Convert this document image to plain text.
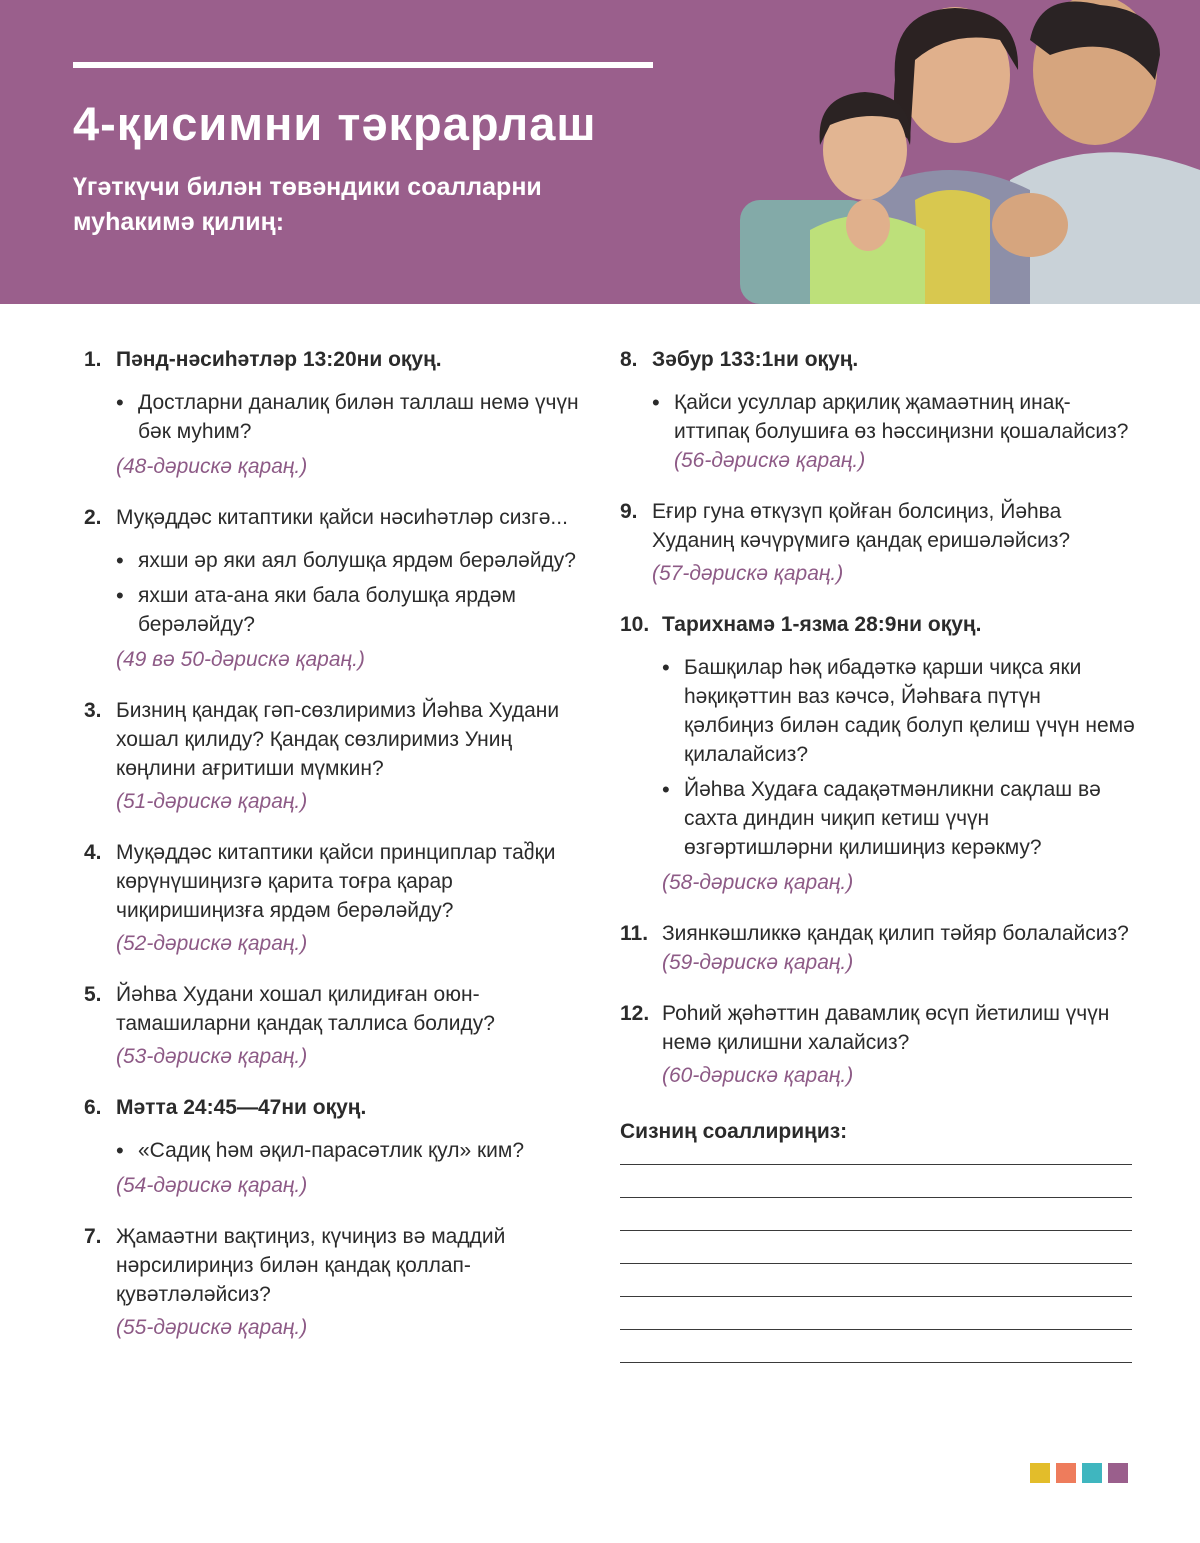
4-қисимни тәкрарлаш

Үгәткүчи билән төвәндики соалларни муһакимә қилиң:

1. Пәнд-нәсиһәтләр 13:20ни оқуң.
• Достларни даналиқ билән таллаш немә үчүн бәк муһим?
(48-дәрискә қараң.)
2. Муқәддәс китаптики қайси нәсиһәтләр сизгә...
• яхши әр яки аял болушқа ярдәм берәләйду?
• яхши ата-ана яки бала болушқа ярдәм берәләйду?
(49 вә 50-дәрискә қараң.)
3. Бизниң қандақ гәп-сөзлиримиз Йәһва Худани хошал қилиду? Қандақ сөзлиримиз Униң көңлини ағритиши мүмкин?
(51-дәрискә қараң.)
4. Муқәддәс китаптики қайси принциплар таშқи көрүнүшиңизгә қарита тоғра қарар чиқиришиңизға ярдәм берәләйду?
(52-дәрискә қараң.)
5. Йәһва Худани хошал қилидиған оюн-тамашиларни қандақ таллиса болиду?
(53-дәрискә қараң.)
6. Мәтта 24:45—47ни оқуң.
• «Садиқ һәм әқил-парасәтлик қул» ким?
(54-дәрискә қараң.)
7. Җамаәтни вақтиңиз, күчиңиз вә маддий нәрсилириңиз билән қандақ қоллап-қувәтләләйсиз?
(55-дәрискә қараң.)
8. Зәбур 133:1ни оқуң.
• Қайси усуллар арқилиқ җамаәтниң инақ-иттипақ болушиға өз һәссиңизни қошалайсиз? (56-дәрискә қараң.)
9. Еғир гуна өткүзүп қойған болсиңиз, Йәһва Худаниң кәчүрүмигә қандақ еришәләйсиз?
(57-дәрискә қараң.)
10. Тарихнамә 1-язма 28:9ни оқуң.
• Башқилар һәқ ибадәткә қарши чиқса яки һәқиқәттин ваз кәчсә, Йәһваға пүтүн қәлбиңиз билән садиқ болуп қелиш үчүн немә қилалайсиз?
• Йәһва Худаға садақәтмәнликни сақлаш вә сахта диндин чиқип кетиш үчүн өзгәртишләрни қилишиңиз керәкму?
(58-дәрискә қараң.)
11. Зиянкәшликкә қандақ қилип тәйяр болалайсиз? (59-дәрискә қараң.)
12. Роһий җәһәттин давамлиқ өсүп йетилиш үчүн немә қилишни халайсиз?
(60-дәрискә қараң.)
Сизниң соаллириңиз:
